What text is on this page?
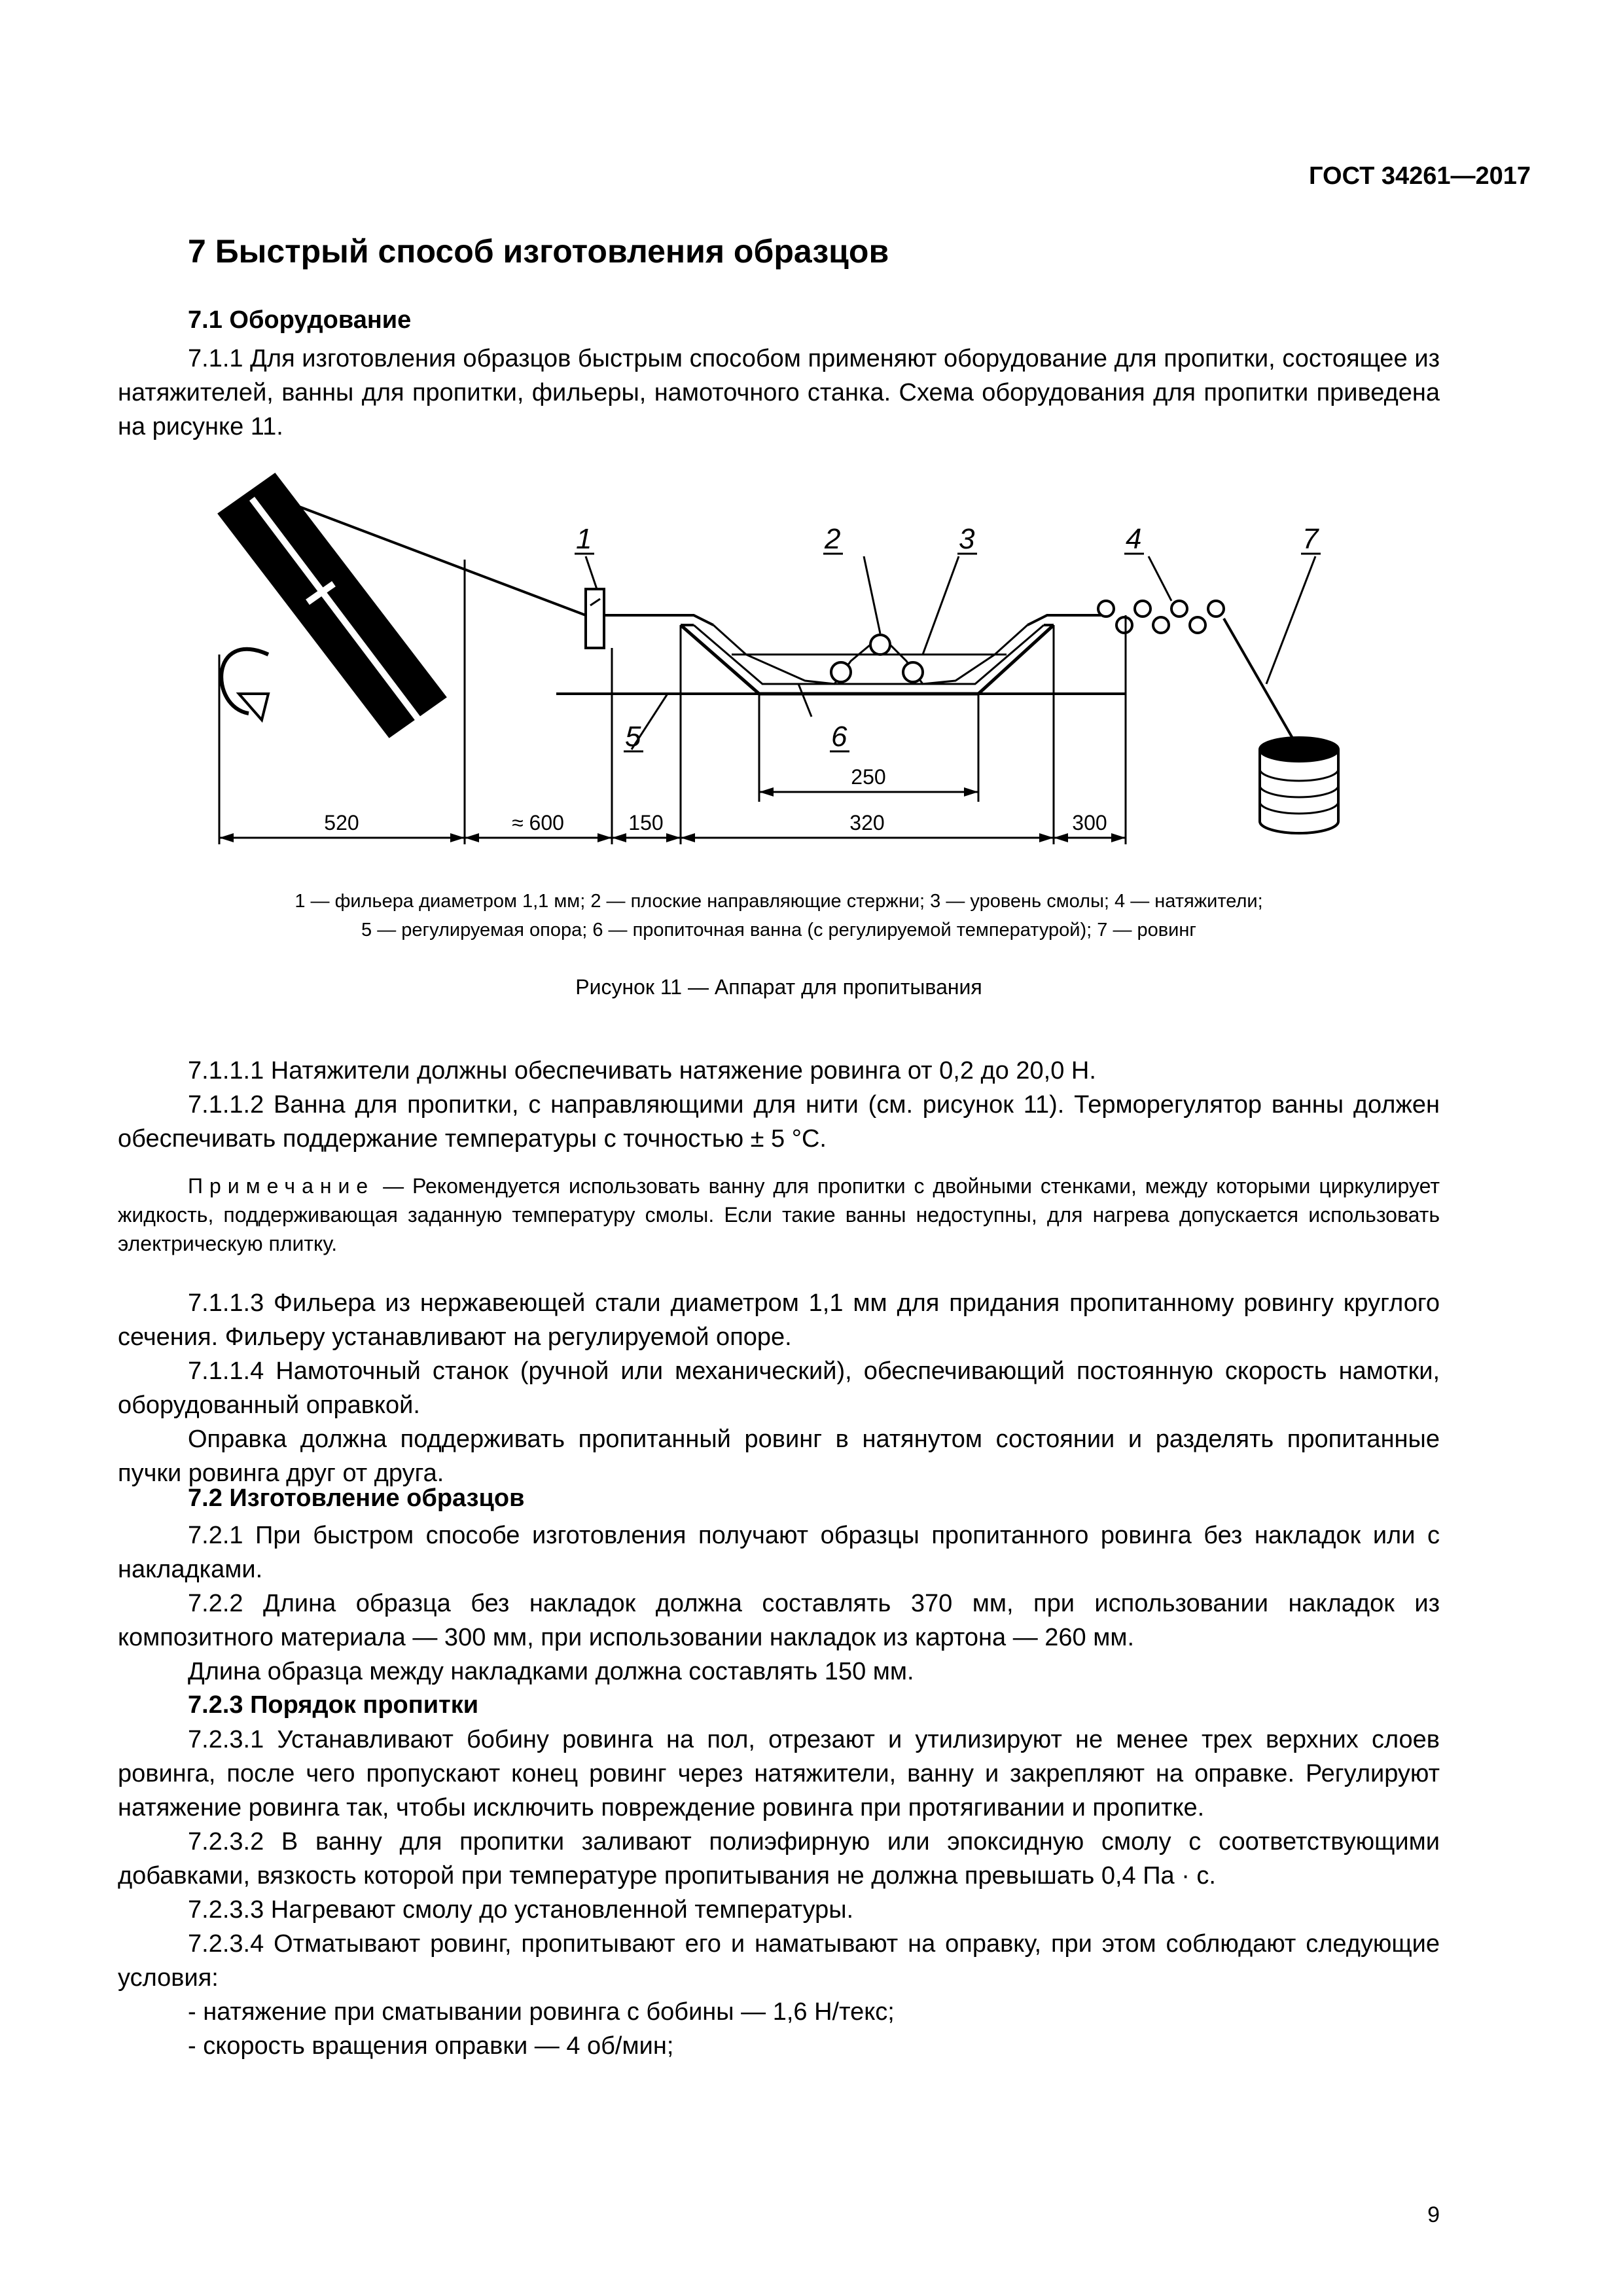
ГОСТ 34261—2017
7 Быстрый способ изготовления образцов
7.1 Оборудование
7.1.1 Для изготовления образцов быстрым способом применяют оборудование для пропитки, состоящее из натяжителей, ванны для пропитки, фильеры, намоточного станка. Схема оборудования для пропитки приведена на рисунке 11.
1	2	3	4
5
7
6
520	≈ 600	150	320	300
250
1 — фильера диаметром 1,1 мм; 2 — плоские направляющие стержни; 3 — уровень смолы; 4 — натяжители;
5 — регулируемая опора; 6 — пропиточная ванна (с регулируемой температурой); 7 — ровинг
Рисунок 11 — Аппарат для пропитывания
7.1.1.1 Натяжители должны обеспечивать натяжение ровинга от 0,2 до 20,0 Н.
7.1.1.2 Ванна для пропитки, с направляющими для нити (см. рисунок 11). Терморегулятор ванны должен обеспечивать поддержание температуры с точностью ± 5 °С.
Примечание — Рекомендуется использовать ванну для пропитки с двойными стенками, между которыми циркулирует жидкость, поддерживающая заданную температуру смолы. Если такие ванны недоступны, для нагрева допускается использовать электрическую плитку.
7.1.1.3 Фильера из нержавеющей стали диаметром 1,1 мм для придания пропитанному ровингу круглого сечения. Фильеру устанавливают на регулируемой опоре.
7.1.1.4 Намоточный станок (ручной или механический), обеспечивающий постоянную скорость намотки, оборудованный оправкой.
Оправка должна поддерживать пропитанный ровинг в натянутом состоянии и разделять пропитанные пучки ровинга друг от друга.
7.2 Изготовление образцов
7.2.1 При быстром способе изготовления получают образцы пропитанного ровинга без накладок или с накладками.
7.2.2 Длина образца без накладок должна составлять 370 мм, при использовании накладок из композитного материала — 300 мм, при использовании накладок из картона — 260 мм.
Длина образца между накладками должна составлять 150 мм.
7.2.3 Порядок пропитки
7.2.3.1 Устанавливают бобину ровинга на пол, отрезают и утилизируют не менее трех верхних слоев ровинга, после чего пропускают конец ровинг через натяжители, ванну и закрепляют на оправке. Регулируют натяжение ровинга так, чтобы исключить повреждение ровинга при протягивании и пропитке.
7.2.3.2 В ванну для пропитки заливают полиэфирную или эпоксидную смолу с соответствующими добавками, вязкость которой при температуре пропитывания не должна превышать 0,4 Па · с.
7.2.3.3 Нагревают смолу до установленной температуры.
7.2.3.4 Отматывают ровинг, пропитывают его и наматывают на оправку, при этом соблюдают следующие условия:
- натяжение при сматывании ровинга с бобины — 1,6 Н/текс;
- скорость вращения оправки — 4 об/мин;
9
